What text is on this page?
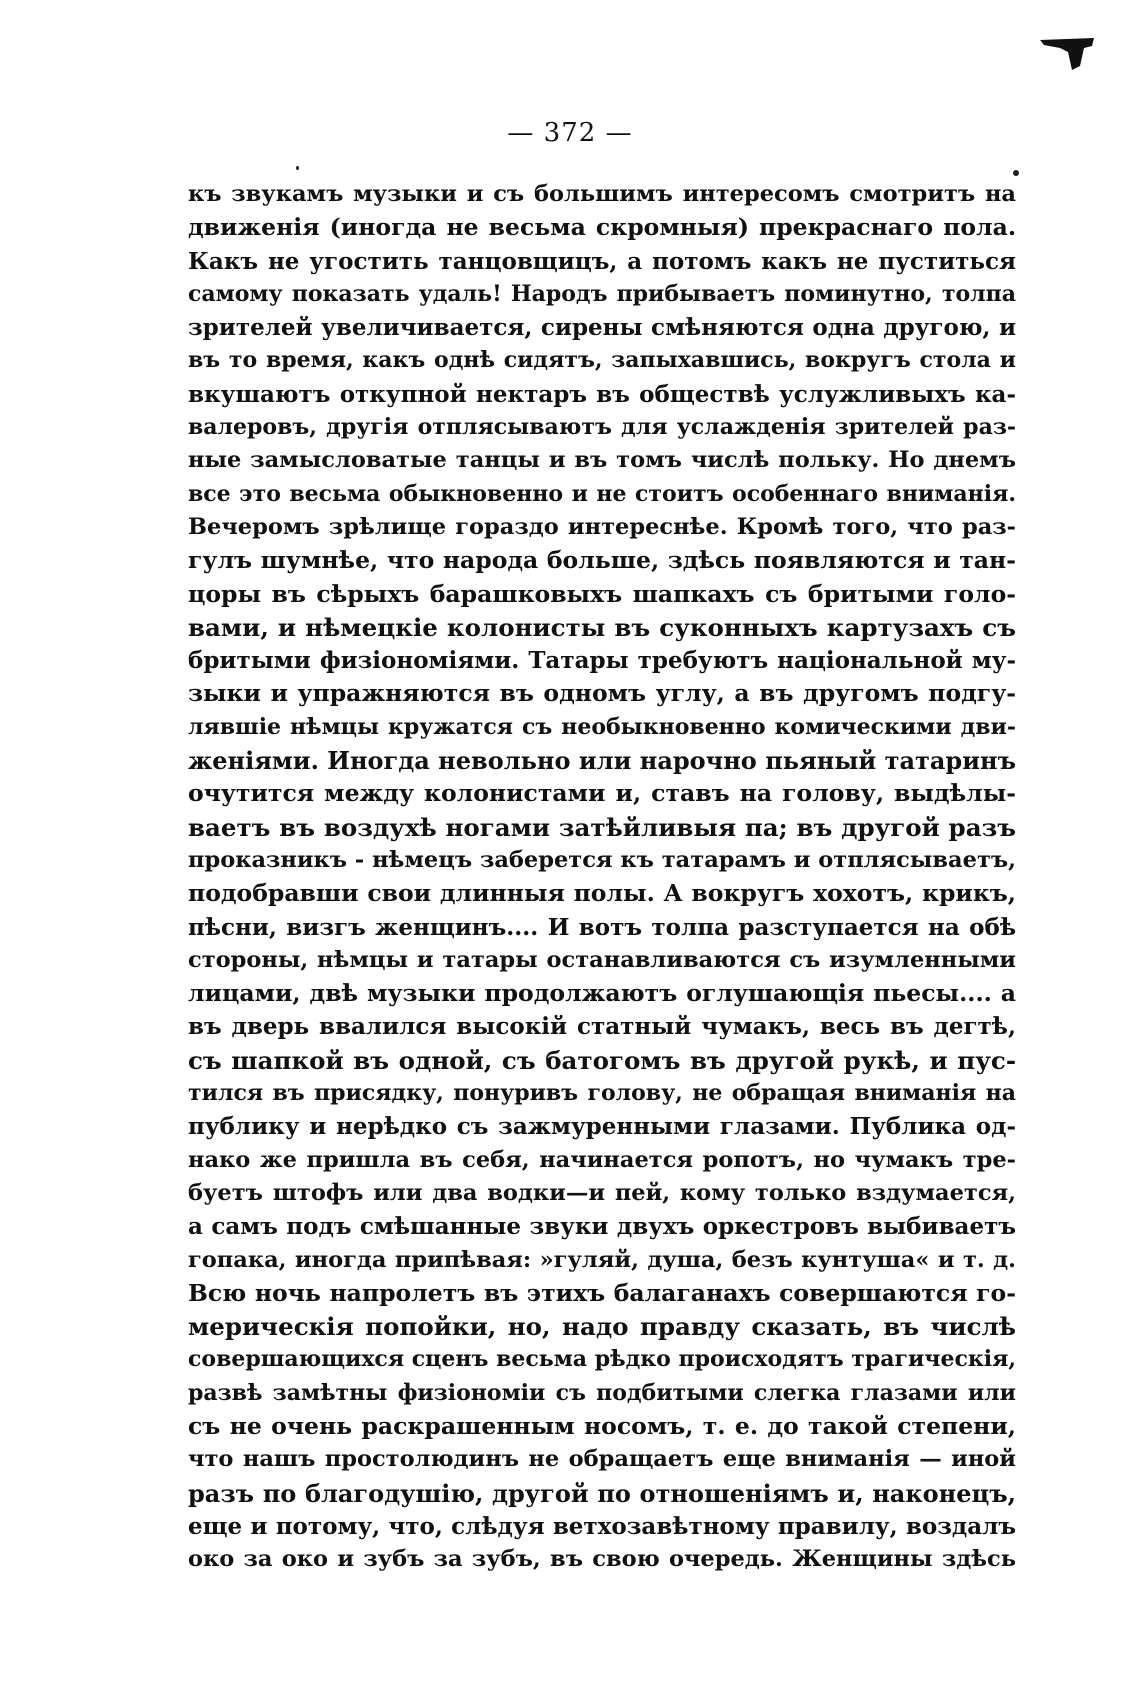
— 372 —
къ звукамъ музыки и съ большимъ интересомъ смотритъ на
движенія (иногда не весьма скромныя) прекраснаго пола.
Какъ не угостить танцовщицъ, а потомъ какъ не пуститься
самому показать удаль! Народъ прибываетъ поминутно, толпа
зрителей увеличивается, сирены смѣняются одна другою, и
въ то время, какъ однѣ сидятъ, запыхавшись, вокругъ стола и
вкушаютъ откупной нектаръ въ обществѣ услужливыхъ ка-
валеровъ, другія отплясываютъ для услажденія зрителей раз-
ные замысловатые танцы и въ томъ числѣ польку. Но днемъ
все это весьма обыкновенно и не стоитъ особеннаго вниманія.
Вечеромъ зрѣлище гораздо интереснѣе. Кромѣ того, что раз-
гулъ шумнѣе, что народа больше, здѣсь появляются и тан-
цоры въ сѣрыхъ барашковыхъ шапкахъ съ бритыми голо-
вами, и нѣмецкіе колонисты въ суконныхъ картузахъ съ
бритыми физіономіями. Татары требуютъ національной му-
зыки и упражняются въ одномъ углу, а въ другомъ подгу-
лявшіе нѣмцы кружатся съ необыкновенно комическими дви-
женіями. Иногда невольно или нарочно пьяный татаринъ
очутится между колонистами и, ставъ на голову, выдѣлы-
ваетъ въ воздухѣ ногами затѣйливыя па; въ другой разъ
проказникъ - нѣмецъ заберется къ татарамъ и отплясываетъ,
подобравши свои длинныя полы. А вокругъ хохотъ, крикъ,
пѣсни, визгъ женщинъ.... И вотъ толпа разступается на обѣ
стороны, нѣмцы и татары останавливаются съ изумленными
лицами, двѣ музыки продолжаютъ оглушающія пьесы.... а
въ дверь ввалился высокій статный чумакъ, весь въ дегтѣ,
съ шапкой въ одной, съ батогомъ въ другой рукѣ, и пус-
тился въ присядку, понуривъ голову, не обращая вниманія на
публику и нерѣдко съ зажмуренными глазами. Публика од-
нако же пришла въ себя, начинается ропотъ, но чумакъ тре-
буетъ штофъ или два водки—и пей, кому только вздумается,
а самъ подъ смѣшанные звуки двухъ оркестровъ выбиваетъ
гопака, иногда припѣвая: »гуляй, душа, безъ кунтуша« и т. д.
Всю ночь напролетъ въ этихъ балаганахъ совершаются го-
мерическія попойки, но, надо правду сказать, въ числѣ
совершающихся сценъ весьма рѣдко происходятъ трагическія,
развѣ замѣтны физіономіи съ подбитыми слегка глазами или
съ не очень раскрашенным носомъ, т. е. до такой степени,
что нашъ простолюдинъ не обращаетъ еще вниманія — иной
разъ по благодушію, другой по отношеніямъ и, наконецъ,
еще и потому, что, слѣдуя ветхозавѣтному правилу, воздалъ
око за око и зубъ за зубъ, въ свою очередь. Женщины здѣсь
